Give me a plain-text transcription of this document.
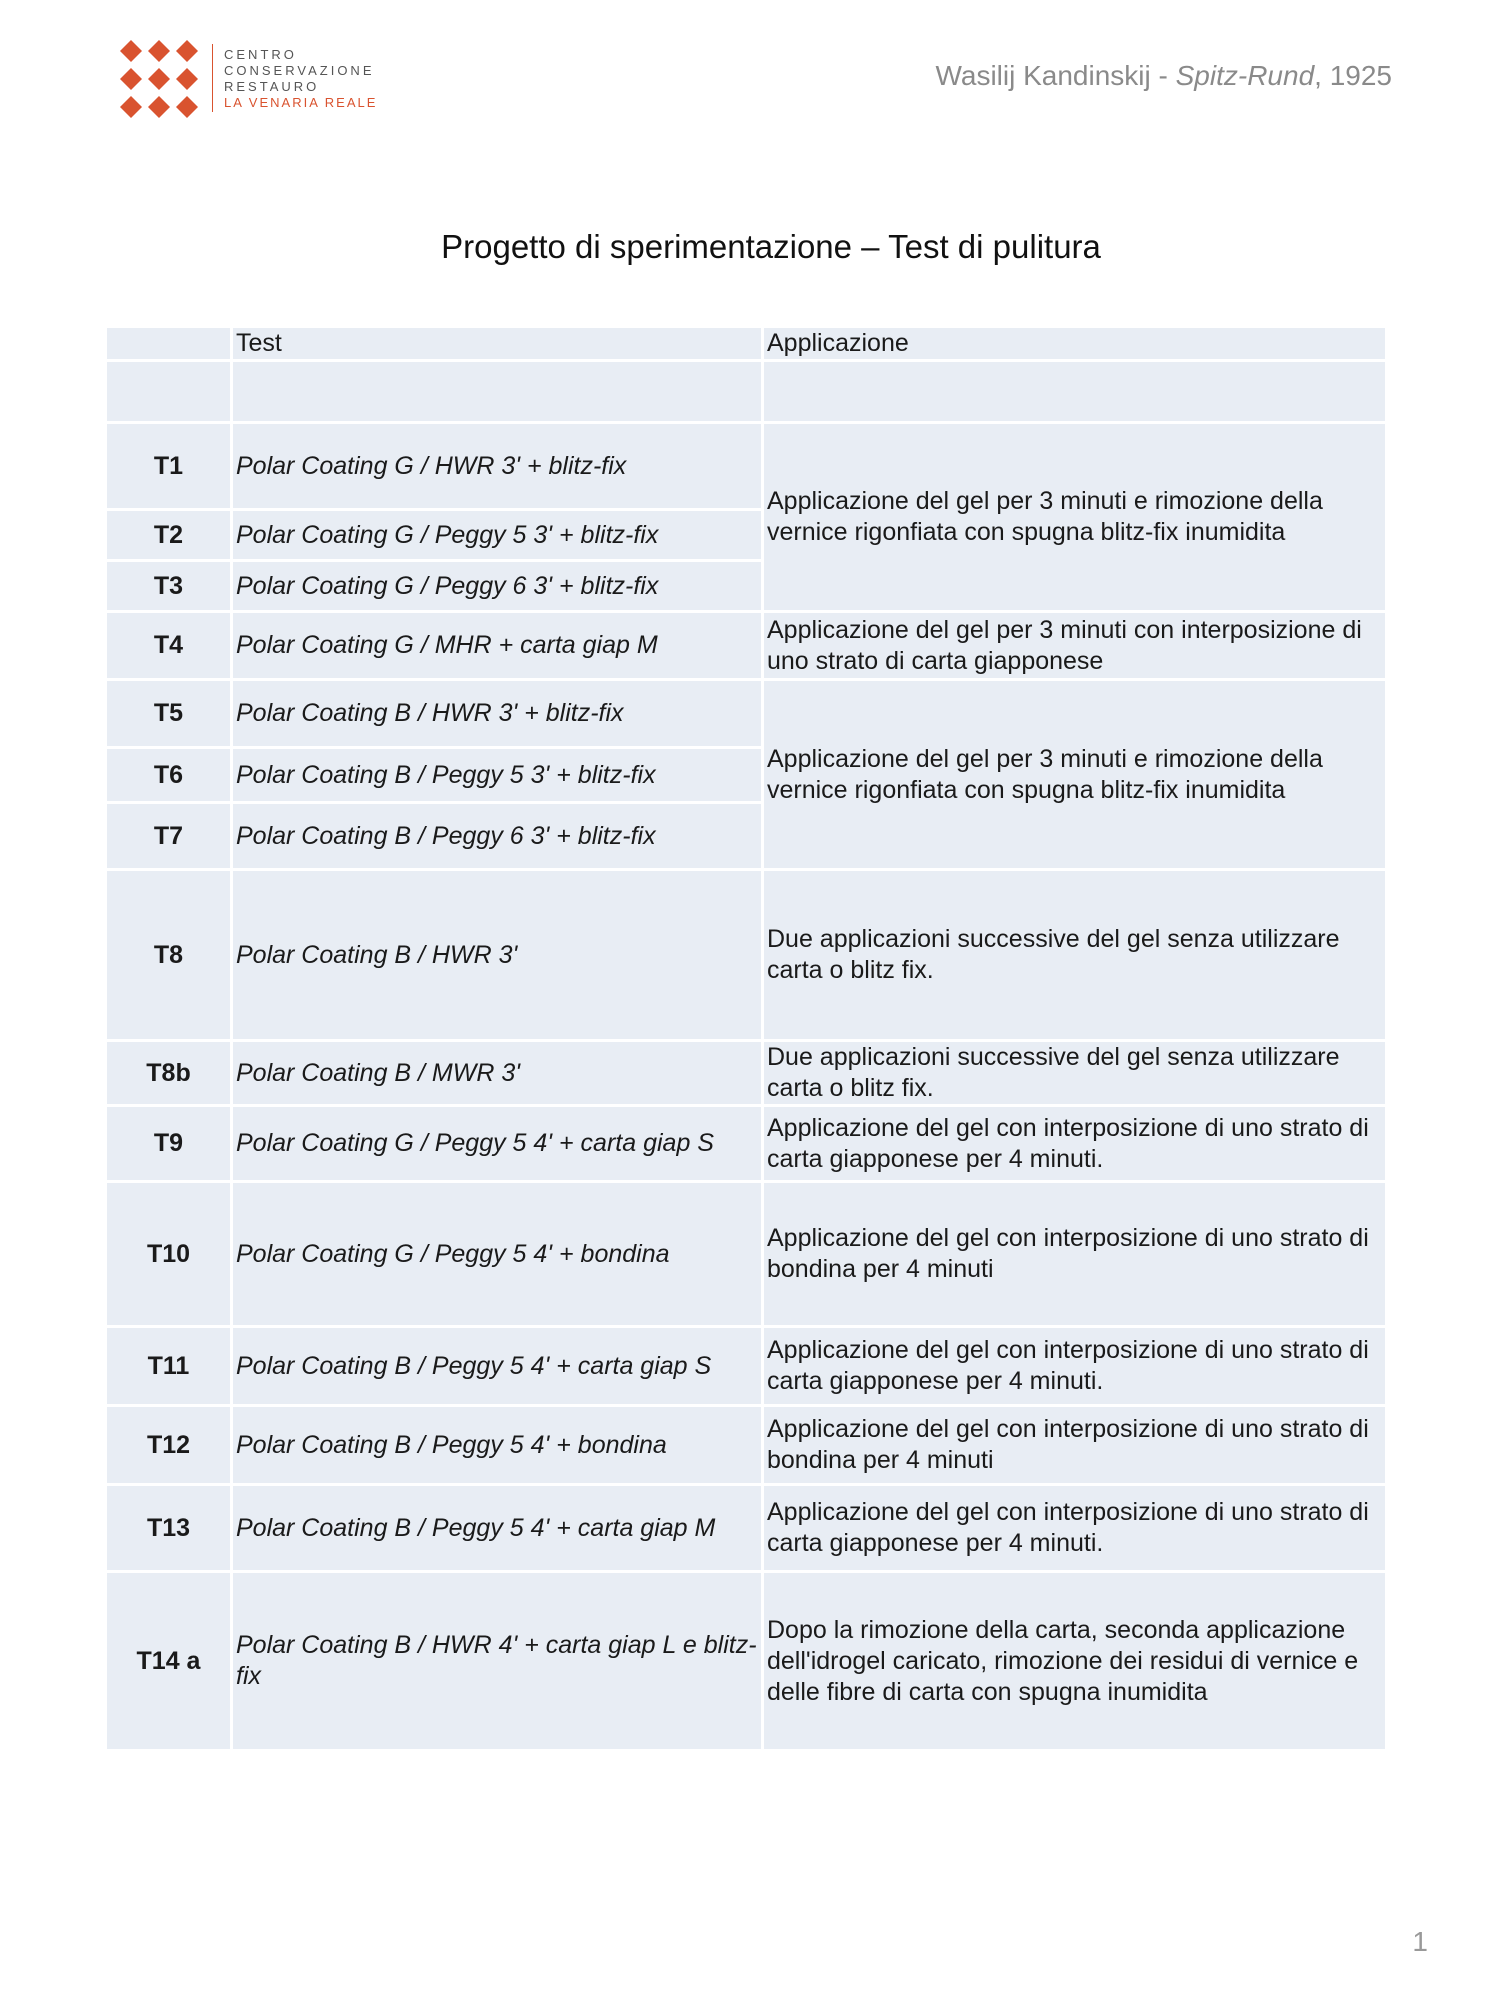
CENTRO
CONSERVAZIONE
RESTAURO
LA VENARIA REALE
Wasilij Kandinskij - Spitz-Rund, 1925
Progetto di sperimentazione – Test di pulitura
	Test	Applicazione

T1	Polar Coating G / HWR 3' + blitz-fix	Applicazione del gel per 3 minuti e rimozione della vernice rigonfiata con spugna blitz-fix inumidita
T2	Polar Coating G / Peggy 5 3' + blitz-fix	
T3	Polar Coating G / Peggy 6 3' + blitz-fix	
T4	Polar Coating G / MHR + carta giap M	Applicazione del gel per 3 minuti con interposizione di uno strato di carta giapponese
T5	Polar Coating B / HWR 3' + blitz-fix	Applicazione del gel per 3 minuti e rimozione della vernice rigonfiata con spugna blitz-fix inumidita
T6	Polar Coating B / Peggy 5 3' + blitz-fix	
T7	Polar Coating B / Peggy 6 3' + blitz-fix	
T8	Polar Coating B / HWR 3'	Due applicazioni successive del gel senza utilizzare carta o blitz fix.
T8b	Polar Coating B / MWR 3'	Due applicazioni successive del gel senza utilizzare carta o blitz fix.
T9	Polar Coating G / Peggy 5 4' + carta giap S	Applicazione del gel con interposizione di uno strato di carta giapponese per 4 minuti.
T10	Polar Coating G / Peggy 5 4' + bondina	Applicazione del gel con interposizione di uno strato di bondina per 4 minuti
T11	Polar Coating B / Peggy 5 4' + carta giap S	Applicazione del gel con interposizione di uno strato di carta giapponese per 4 minuti.
T12	Polar Coating B / Peggy 5 4' + bondina	Applicazione del gel con interposizione di uno strato di bondina per 4 minuti
T13	Polar Coating B / Peggy 5 4' + carta giap M	Applicazione del gel con interposizione di uno strato di carta giapponese per 4 minuti.
T14 a	Polar Coating B / HWR 4' + carta giap L e blitz-fix	Dopo la rimozione della carta, seconda applicazione dell'idrogel caricato, rimozione dei residui di vernice e delle fibre di carta con spugna inumidita
1
